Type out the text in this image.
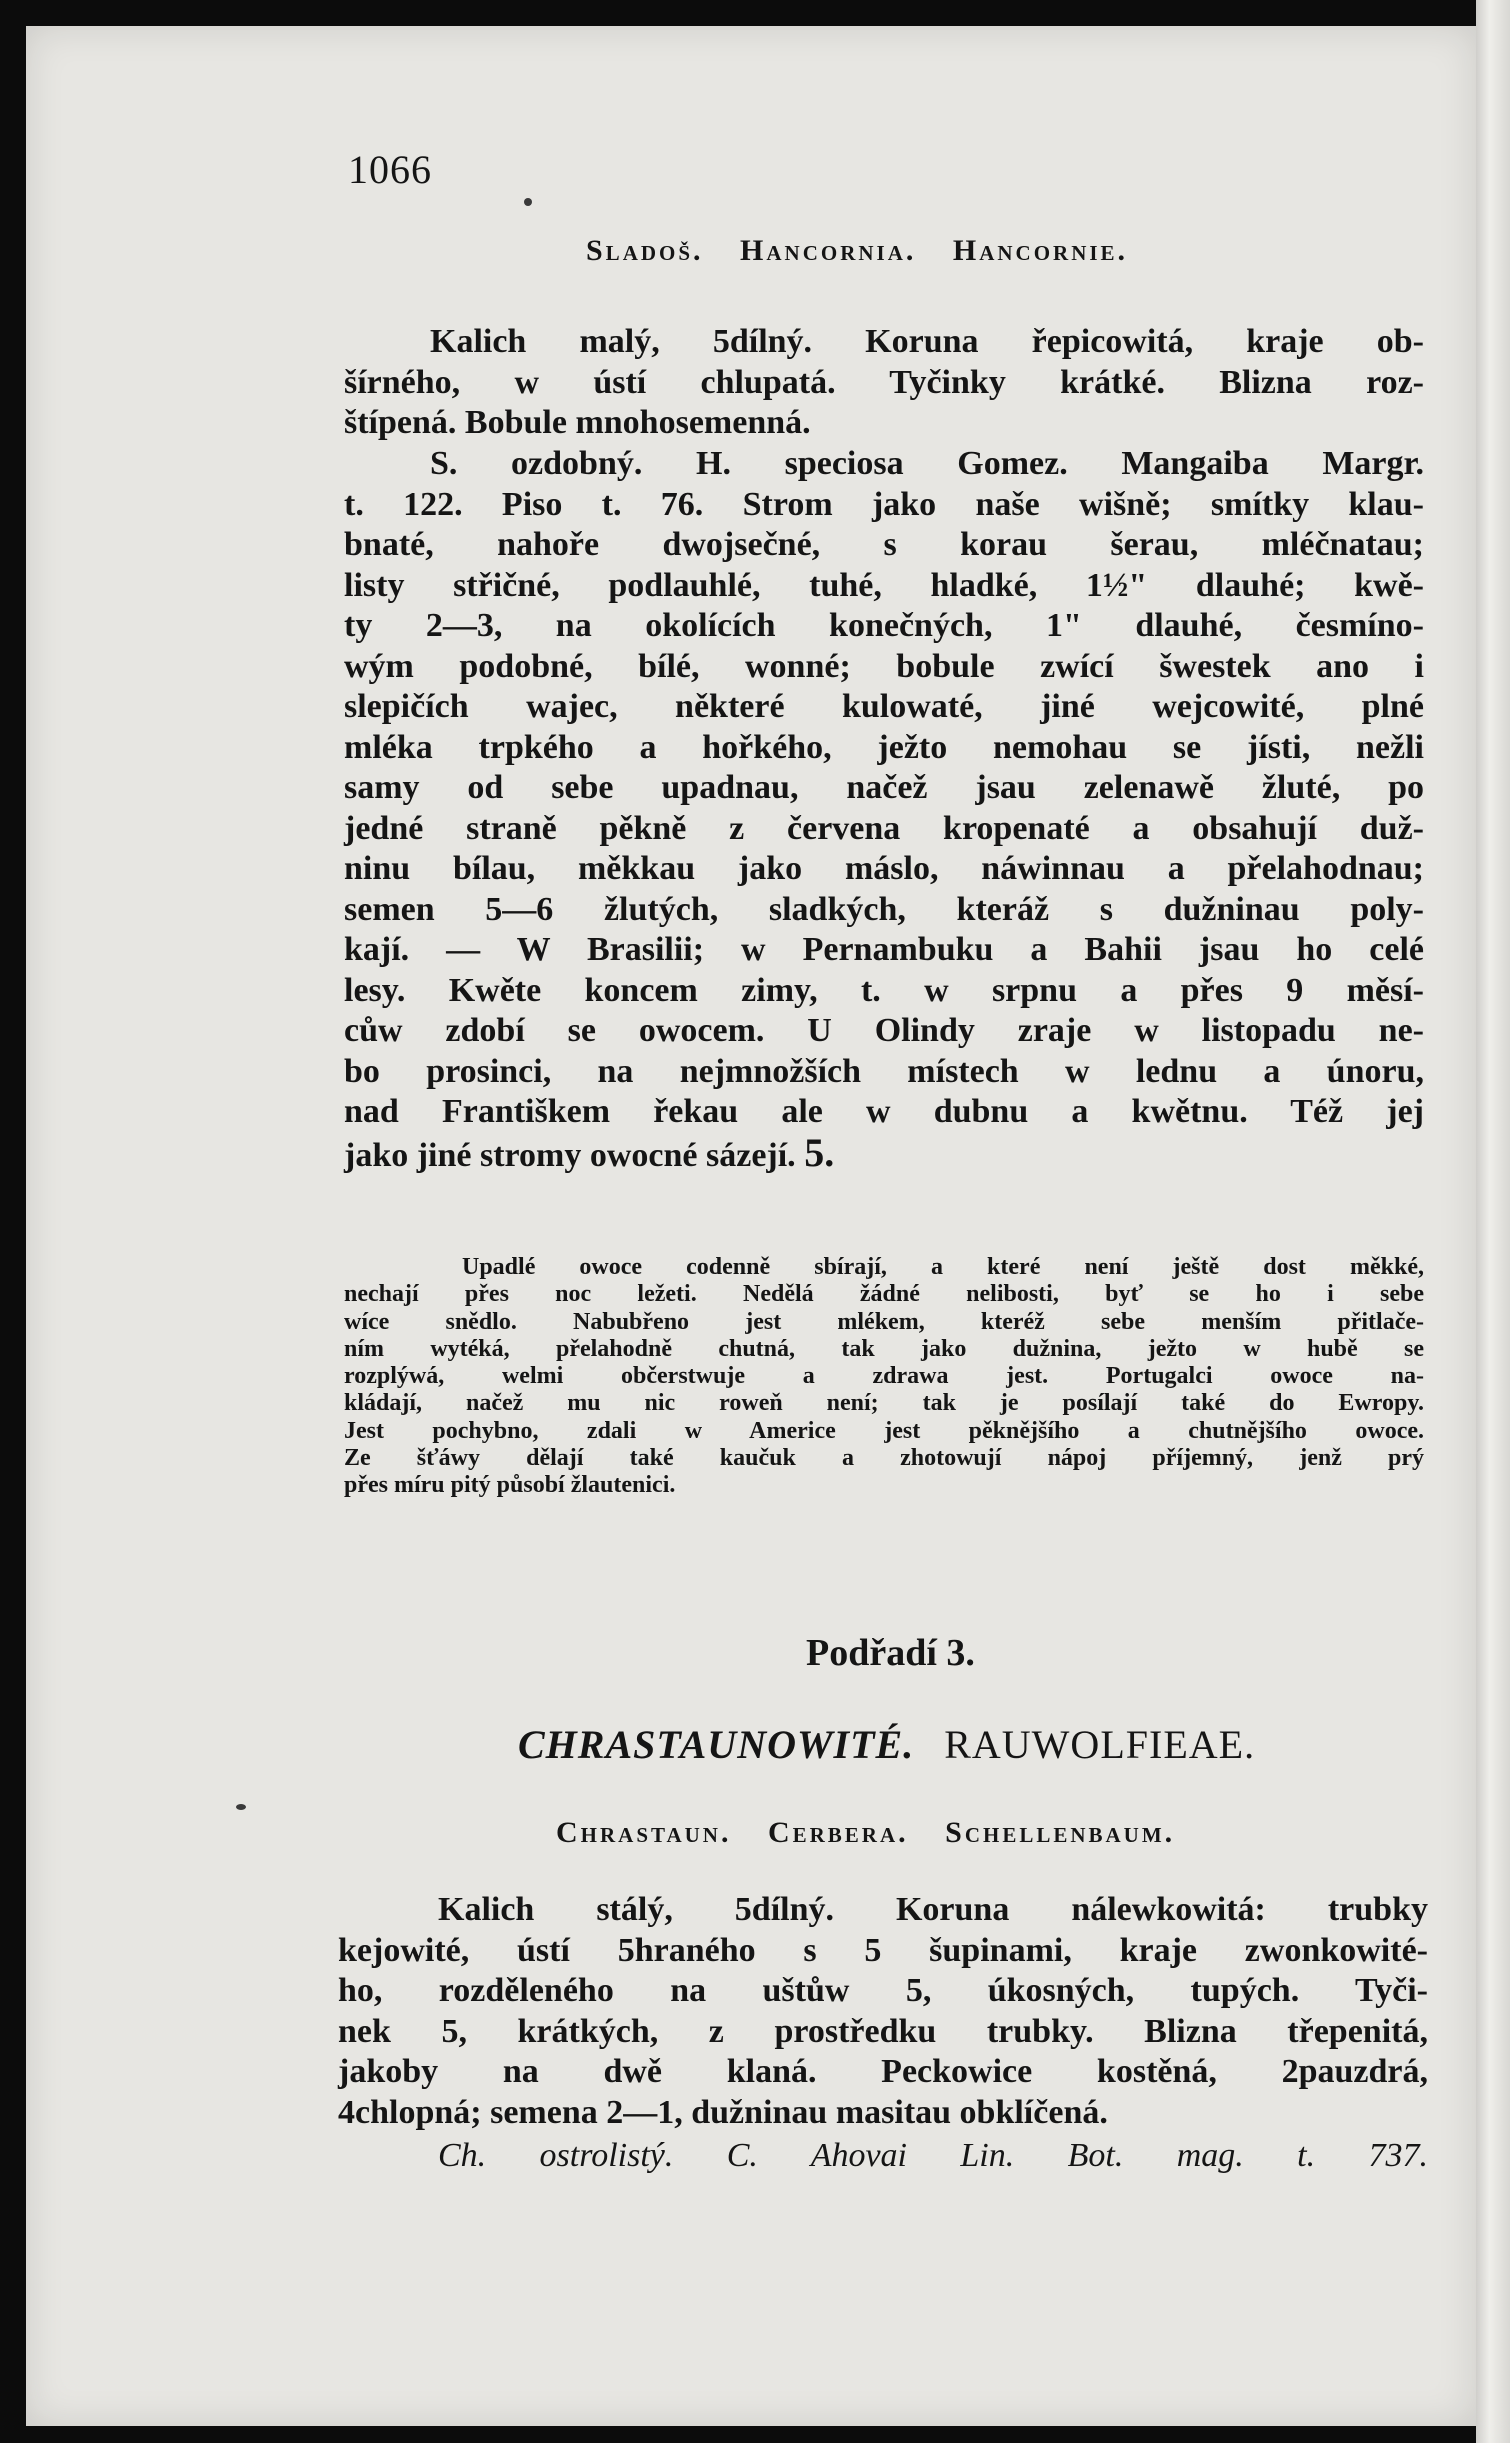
1066
Sladoš. Hancornia. Hancornie.
Kalich malý, 5dílný. Koruna řepicowitá, kraje ob-
šírného, w ústí chlupatá. Tyčinky krátké. Blizna roz-
štípená. Bobule mnohosemenná.
S. ozdobný. H. speciosa Gomez. Mangaiba Margr.
t. 122. Piso t. 76. Strom jako naše wišně; smítky klau-
bnaté, nahoře dwojsečné, s korau šerau, mléčnatau;
listy střičné, podlauhlé, tuhé, hladké, 1½" dlauhé; kwě-
ty 2—3, na okolících konečných, 1" dlauhé, česmíno-
wým podobné, bílé, wonné; bobule zwící šwestek ano i
slepičích wajec, některé kulowaté, jiné wejcowité, plné
mléka trpkého a hořkého, ježto nemohau se jísti, nežli
samy od sebe upadnau, načež jsau zelenawě žluté, po
jedné straně pěkně z červena kropenaté a obsahují duž-
ninu bílau, měkkau jako máslo, náwinnau a přelahodnau;
semen 5—6 žlutých, sladkých, kteráž s dužninau poly-
kají. — W Brasilii; w Pernambuku a Bahii jsau ho celé
lesy. Kwěte koncem zimy, t. w srpnu a přes 9 měsí-
cůw zdobí se owocem. U Olindy zraje w listopadu ne-
bo prosinci, na nejmnožších místech w lednu a únoru,
nad Františkem řekau ale w dubnu a kwětnu. Též jej
jako jiné stromy owocné sázejí. 5.
Upadlé owoce codenně sbírají, a které není ještě dost měkké,
nechají přes noc ležeti. Nedělá žádné nelibosti, byť se ho i sebe
wíce snědlo. Nabubřeno jest mlékem, kteréž sebe menším přitlače-
ním wytéká, přelahodně chutná, tak jako dužnina, ježto w hubě se
rozplýwá, welmi občerstwuje a zdrawa jest. Portugalci owoce na-
kládají, načež mu nic roweň není; tak je posílají také do Ewropy.
Jest pochybno, zdali w Americe jest pěknějšího a chutnějšího owoce.
Ze šťáwy dělají také kaučuk a zhotowují nápoj příjemný, jenž prý
přes míru pitý působí žlautenici.
Podřadí 3.
CHRASTAUNOWITÉ. RAUWOLFIEAE.
Chrastaun. Cerbera. Schellenbaum.
Kalich stálý, 5dílný. Koruna nálewkowitá: trubky
kejowité, ústí 5hraného s 5 šupinami, kraje zwonkowité-
ho, rozděleného na uštůw 5, úkosných, tupých. Tyči-
nek 5, krátkých, z prostředku trubky. Blizna třepenitá,
jakoby na dwě klaná. Peckowice kostěná, 2pauzdrá,
4chlopná; semena 2—1, dužninau masitau obklíčená.
Ch. ostrolistý. C. Ahovai Lin. Bot. mag. t. 737.
